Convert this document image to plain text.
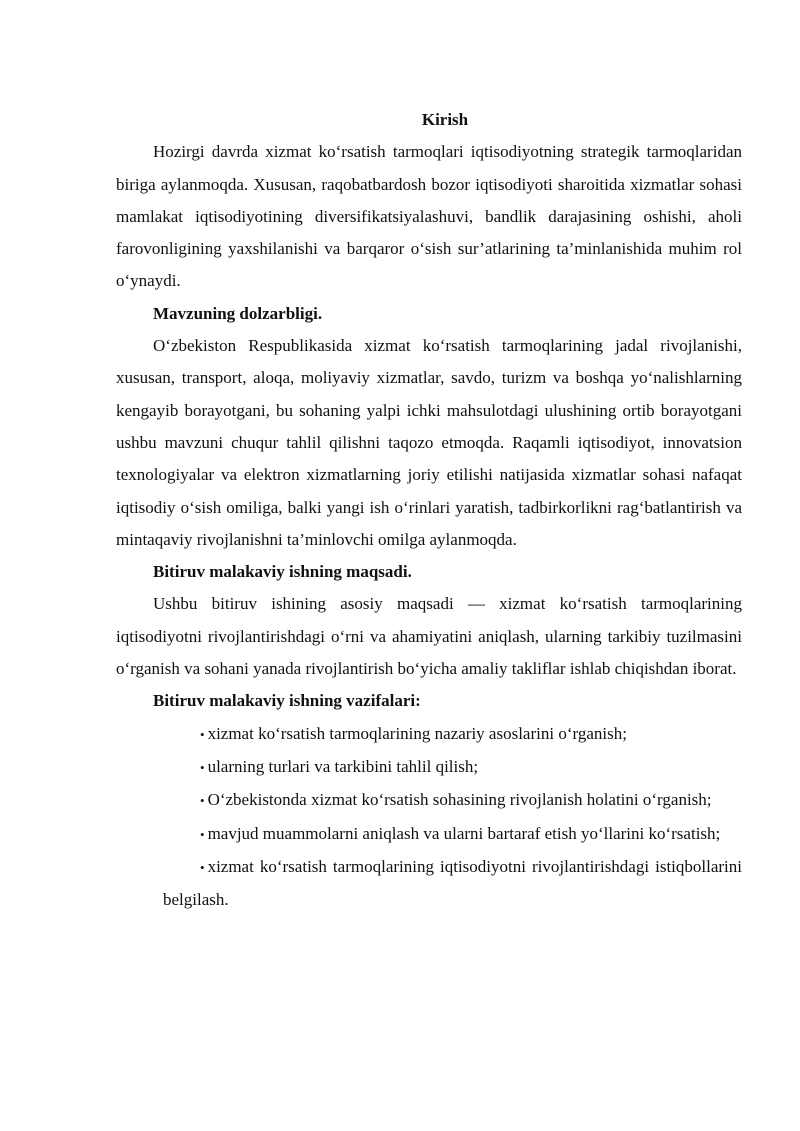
Kirish

Hozirgi davrda xizmat ko‘rsatish tarmoqlari iqtisodiyotning strategik tarmoqlaridan biriga aylanmoqda. Xususan, raqobatbardosh bozor iqtisodiyoti sharoitida xizmatlar sohasi mamlakat iqtisodiyotining diversifikatsiyalashuvi, bandlik darajasining oshishi, aholi farovonligining yaxshilanishi va barqaror o‘sish sur’atlarining ta’minlanishida muhim rol o‘ynaydi.

Mavzuning dolzarbligi.

O‘zbekiston Respublikasida xizmat ko‘rsatish tarmoqlarining jadal rivojlanishi, xususan, transport, aloqa, moliyaviy xizmatlar, savdo, turizm va boshqa yo‘nalishlarning kengayib borayotgani, bu sohaning yalpi ichki mahsulotdagi ulushining ortib borayotgani ushbu mavzuni chuqur tahlil qilishni taqozo etmoqda. Raqamli iqtisodiyot, innovatsion texnologiyalar va elektron xizmatlarning joriy etilishi natijasida xizmatlar sohasi nafaqat iqtisodiy o‘sish omiliga, balki yangi ish o‘rinlari yaratish, tadbirkorlikni rag‘batlantirish va mintaqaviy rivojlanishni ta’minlovchi omilga aylanmoqda.

Bitiruv malakaviy ishning maqsadi.

Ushbu bitiruv ishining asosiy maqsadi — xizmat ko‘rsatish tarmoqlarining iqtisodiyotni rivojlantirishdagi o‘rni va ahamiyatini aniqlash, ularning tarkibiy tuzilmasini o‘rganish va sohani yanada rivojlantirish bo‘yicha amaliy takliflar ishlab chiqishdan iborat.

Bitiruv malakaviy ishning vazifalari:

• xizmat ko‘rsatish tarmoqlarining nazariy asoslarini o‘rganish;

• ularning turlari va tarkibini tahlil qilish;

• O‘zbekistonda xizmat ko‘rsatish sohasining rivojlanish holatini o‘rganish;

• mavjud muammolarni aniqlash va ularni bartaraf etish yo‘llarini ko‘rsatish;

• xizmat ko‘rsatish tarmoqlarining iqtisodiyotni rivojlantirishdagi istiqbollarini belgilash.
